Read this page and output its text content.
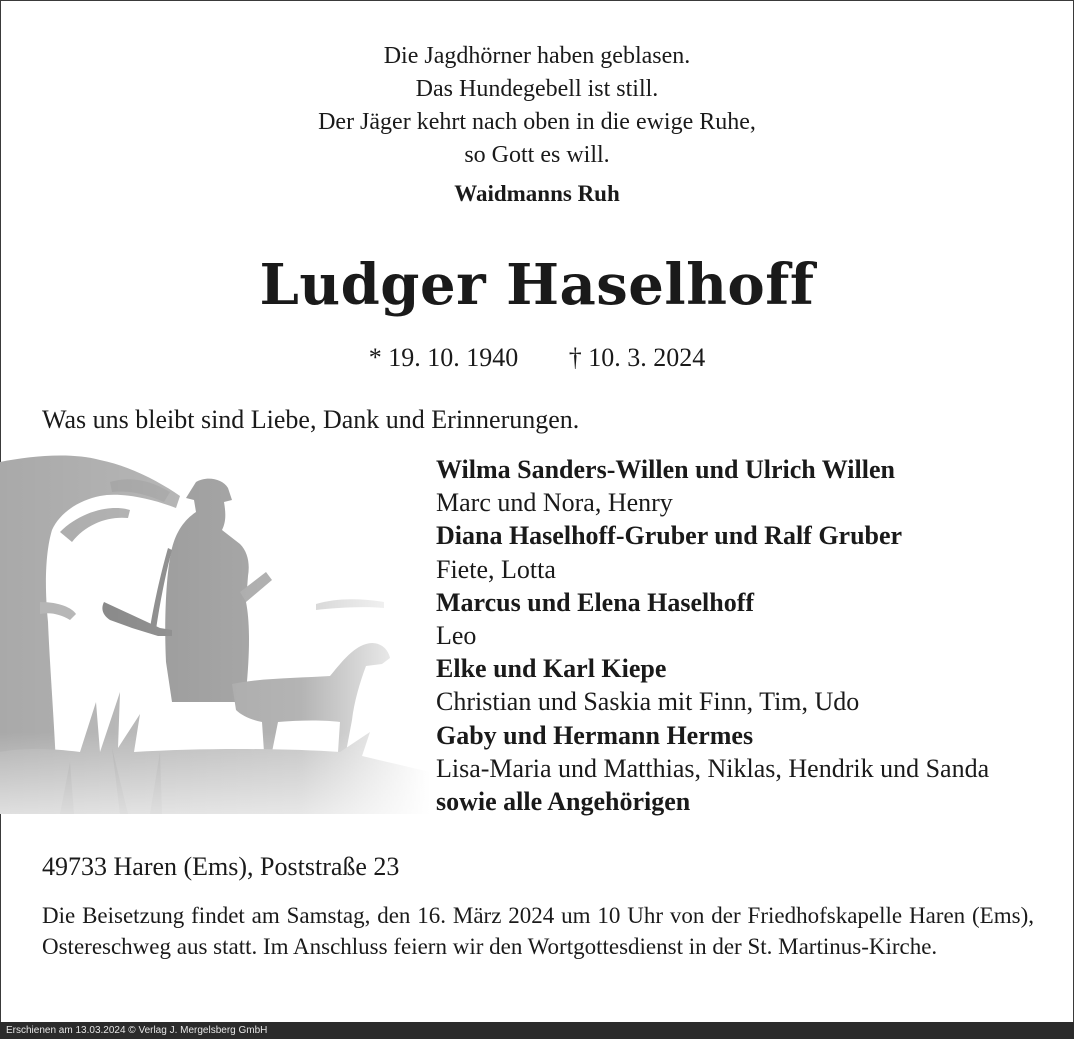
Die Jagdhörner haben geblasen.
Das Hundegebell ist still.
Der Jäger kehrt nach oben in die ewige Ruhe,
so Gott es will.
Waidmanns Ruh
Ludger Haselhoff
* 19. 10. 1940 † 10. 3. 2024
Was uns bleibt sind Liebe, Dank und Erinnerungen.
Wilma Sanders-Willen und Ulrich Willen
Marc und Nora, Henry
Diana Haselhoff-Gruber und Ralf Gruber
Fiete, Lotta
Marcus und Elena Haselhoff
Leo
Elke und Karl Kiepe
Christian und Saskia mit Finn, Tim, Udo
Gaby und Hermann Hermes
Lisa-Maria und Matthias, Niklas, Hendrik und Sanda
sowie alle Angehörigen
49733 Haren (Ems), Poststraße 23
Die Beisetzung findet am Samstag, den 16. März 2024 um 10 Uhr von der Friedhofskapelle Haren (Ems), Ostereschweg aus statt. Im Anschluss feiern wir den Wortgottesdienst in der St. Martinus-Kirche.
Erschienen am 13.03.2024 © Verlag J. Mergelsberg GmbH
